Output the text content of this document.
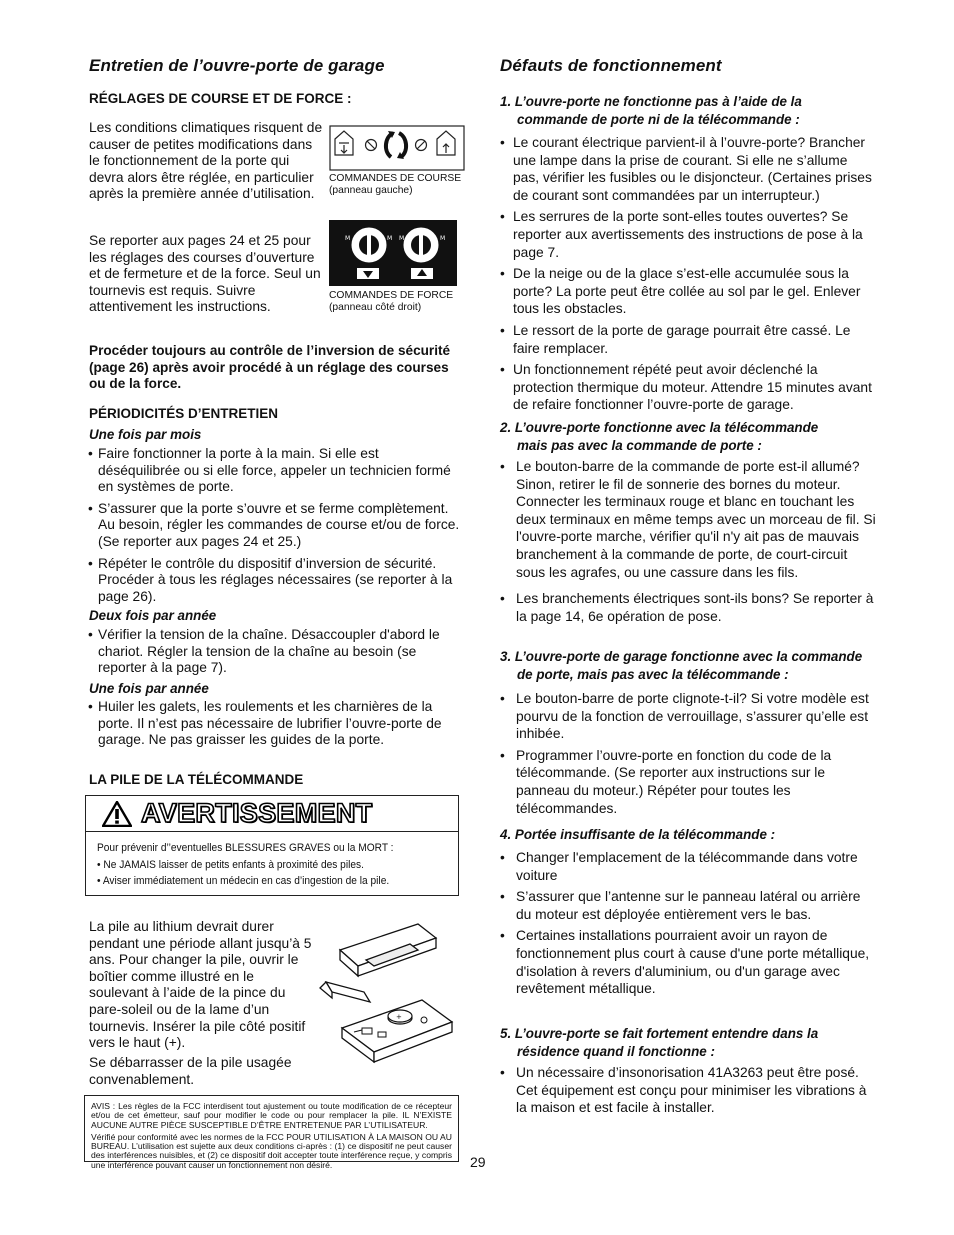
Entretien de l’ouvre-porte de garage
RÉGLAGES DE COURSE ET DE FORCE :
Les conditions climatiques risquent de causer de petites modifications dans le fonctionnement de la porte qui devra alors être réglée, en particulier après la première année d’utilisation.
COMMANDES DE COURSE
(panneau gauche)
Se reporter aux pages 24 et 25 pour les réglages des courses d’ouverture et de fermeture et de la force. Seul un tournevis est requis. Suivre attentivement les instructions.
M	M M	M
COMMANDES DE FORCE
(panneau côté droit)
Procéder toujours au contrôle de l’inversion de sécurité (page 26) après avoir procédé à un réglage des courses ou de la force.
PÉRIODICITÉS D’ENTRETIEN
Une fois par mois
• Faire fonctionner la porte à la main. Si elle est déséquilibrée ou si elle force, appeler un technicien formé en systèmes de porte.
• S’assurer que la porte s’ouvre et se ferme complètement. Au besoin, régler les commandes de course et/ou de force. (Se reporter aux pages 24 et 25.)
• Répéter le contrôle du dispositif d’inversion de sécurité. Procéder à tous les réglages nécessaires (se reporter à la page 26).
Deux fois par année
• Vérifier la tension de la chaîne. Désaccoupler d'abord le chariot. Régler la tension de la chaîne au besoin (se reporter à la page 7).
Une fois par année
• Huiler les galets, les roulements et les charnières de la porte. Il n’est pas nécessaire de lubrifier l’ouvre-porte de garage. Ne pas graisser les guides de la porte.
LA PILE DE LA TÉLÉCOMMANDE
AVERTISSEMENT
Pour prévenir d’’eventuelles BLESSURES GRAVES ou la MORT :
• Ne JAMAIS laisser de petits enfants à proximité des piles.
• Aviser immédiatement un médecin en cas d’ingestion de la pile.
La pile au lithium devrait durer pendant une période allant jusqu’à 5 ans. Pour changer la pile, ouvrir le boîtier comme illustré en le soulevant à l’aide de la pince du pare-soleil ou de la lame d’un tournevis. Insérer la pile côté positif vers le haut (+).
Se débarrasser de la pile usagée convenablement.
+

AVIS : Les règles de la FCC interdisent tout ajustement ou toute modification de ce récepteur et/ou de cet émetteur, sauf pour modifier le code ou pour remplacer la pile. IL N’EXISTE AUCUNE AUTRE PIÈCE SUSCEPTIBLE D’ÊTRE ENTRETENUE PAR L’UTILISATEUR.

Vérifié pour conformité avec les normes de la FCC POUR UTILISATION À LA MAISON OU AU BUREAU. L’utilisation est sujette aux deux conditions ci-après : (1) ce dispositif ne peut causer des interférences nuisibles, et (2) ce dispositif doit accepter toute interférence reçue, y compris une interférence pouvant causer un fonctionnement non désiré.	29
Défauts de fonctionnement
1. L’ouvre-porte ne fonctionne pas à l’aide de la
commande de porte ni de la télécommande :
• Le courant électrique parvient-il à l’ouvre-porte? Brancher une lampe dans la prise de courant. Si elle ne s’allume pas, vérifier les fusibles ou le disjoncteur. (Certaines prises de courant sont commandées par un interrupteur.)
• Les serrures de la porte sont-elles toutes ouvertes? Se reporter aux avertissements des instructions de pose à la page 7.
• De la neige ou de la glace s’est-elle accumulée sous la porte? La porte peut être collée au sol par le gel. Enlever tous les obstacles.
• Le ressort de la porte de garage pourrait être cassé. Le faire remplacer.
• Un fonctionnement répété peut avoir déclenché la protection thermique du moteur. Attendre 15 minutes avant de refaire fonctionner l’ouvre-porte de garage.
2. L’ouvre-porte fonctionne avec la télécommande
mais pas avec la commande de porte :
• Le bouton-barre de la commande de porte est-il allumé? Sinon, retirer le fil de sonnerie des bornes du moteur. Connecter les terminaux rouge et blanc en touchant les deux terminaux en même temps avec un morceau de fil. Si l'ouvre-porte marche, vérifier qu'il n'y ait pas de mauvais branchement à la commande de porte, de court-circuit sous les agrafes, ou une cassure dans les fils.
• Les branchements électriques sont-ils bons? Se reporter à la page 14, 6e opération de pose.
3. L’ouvre-porte de garage fonctionne avec la commande
de porte, mais pas avec la télécommande :
• Le bouton-barre de porte clignote-t-il? Si votre modèle est pourvu de la fonction de verrouillage, s’assurer qu’elle est inhibée.
• Programmer l’ouvre-porte en fonction du code de la télécommande. (Se reporter aux instructions sur le panneau du moteur.) Répéter pour toutes les télécommandes.
4. Portée insuffisante de la télécommande :
• Changer l'emplacement de la télécommande dans votre voiture
• S’assurer que l’antenne sur le panneau latéral ou arrière du moteur est déployée entièrement vers le bas.
• Certaines installations pourraient avoir un rayon de fonctionnement plus court à cause d'une porte métallique, d'isolation à revers d'aluminium, ou d'un garage avec revêtement métallique.
5. L’ouvre-porte se fait fortement entendre dans la
résidence quand il fonctionne :
• Un nécessaire d’insonorisation 41A3263 peut être posé. Cet équipement est conçu pour minimiser les vibrations à la maison et est facile à installer.
